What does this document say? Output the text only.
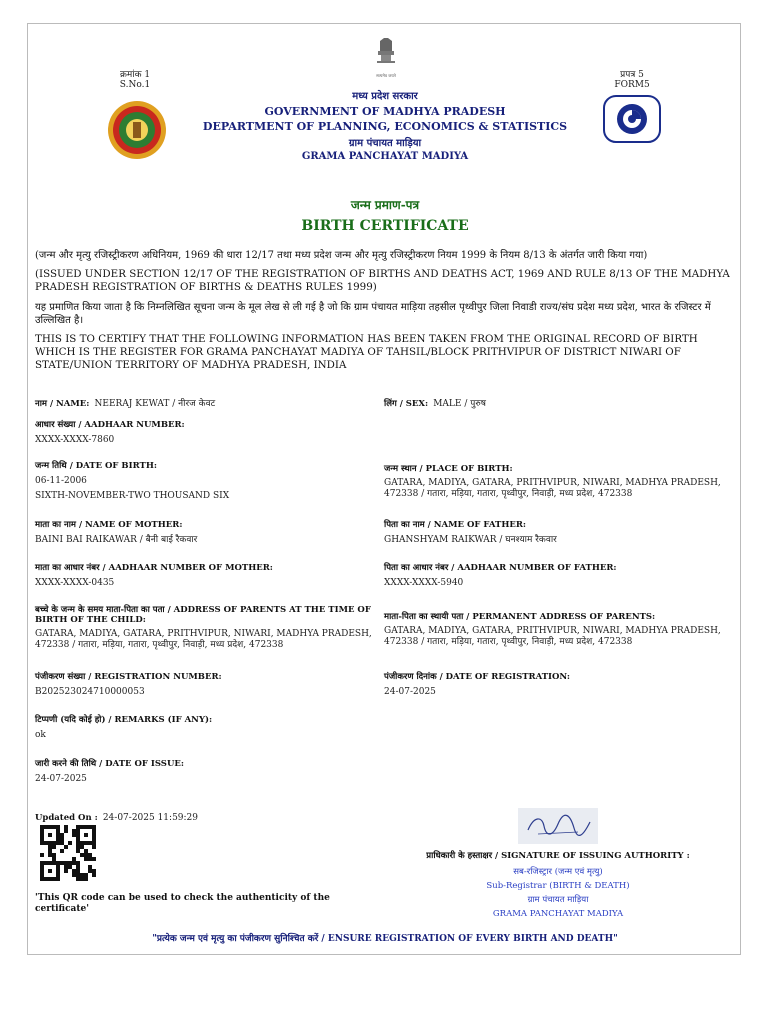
क्रमांक 1
S.No.1
सत्यमेव जयते
मध्य प्रदेश सरकार
GOVERNMENT OF MADHYA PRADESH
DEPARTMENT OF PLANNING, ECONOMICS & STATISTICS
ग्राम पंचायत माड़िया
GRAMA PANCHAYAT MADIYA
प्रपत्र 5
FORM5
जन्म प्रमाण-पत्र
BIRTH CERTIFICATE
(जन्म और मृत्यु रजिस्ट्रीकरण अधिनियम, 1969 की धारा 12/17 तथा मध्य प्रदेश जन्म और मृत्यु रजिस्ट्रीकरण नियम 1999 के नियम 8/13 के अंतर्गत जारी किया गया)
(ISSUED UNDER SECTION 12/17 OF THE REGISTRATION OF BIRTHS AND DEATHS ACT, 1969 AND RULE 8/13 OF THE MADHYA PRADESH REGISTRATION OF BIRTHS & DEATHS RULES 1999)
यह प्रमाणित किया जाता है कि निम्नलिखित सूचना जन्म के मूल लेख से ली गई है जो कि ग्राम पंचायत माड़िया तहसील पृथ्वीपुर जिला निवाडी राज्य/संघ प्रदेश मध्य प्रदेश, भारत के रजिस्टर में उल्लिखित है।
THIS IS TO CERTIFY THAT THE FOLLOWING INFORMATION HAS BEEN TAKEN FROM THE ORIGINAL RECORD OF BIRTH WHICH IS THE REGISTER FOR GRAMA PANCHAYAT MADIYA OF TAHSIL/BLOCK PRITHVIPUR OF DISTRICT NIWARI OF STATE/UNION TERRITORY OF MADHYA PRADESH, INDIA
नाम / NAME: NEERAJ KEWAT / नीरज केवट	लिंग / SEX: MALE / पुरुष
आधार संख्या / AADHAAR NUMBER:
XXXX-XXXX-7860
जन्म तिथि / DATE OF BIRTH:
06-11-2006
SIXTH-NOVEMBER-TWO THOUSAND SIX
जन्म स्थान / PLACE OF BIRTH:
GATARA, MADIYA, GATARA, PRITHVIPUR, NIWARI, MADHYA PRADESH, 472338 / गतारा, मड़िया, गतारा, पृथ्वीपुर, निवाड़ी, मध्य प्रदेश, 472338
माता का नाम / NAME OF MOTHER:
BAINI BAI RAIKAWAR / बैनी बाई रैकवार
पिता का नाम / NAME OF FATHER:
GHANSHYAM RAIKWAR / घनश्याम रैकवार
माता का आधार नंबर / AADHAAR NUMBER OF MOTHER:
XXXX-XXXX-0435
पिता का आधार नंबर / AADHAAR NUMBER OF FATHER:
XXXX-XXXX-5940
बच्चे के जन्म के समय माता-पिता का पता / ADDRESS OF PARENTS AT THE TIME OF BIRTH OF THE CHILD:
GATARA, MADIYA, GATARA, PRITHVIPUR, NIWARI, MADHYA PRADESH, 472338 / गतारा, मड़िया, गतारा, पृथ्वीपुर, निवाड़ी, मध्य प्रदेश, 472338
माता-पिता का स्थायी पता / PERMANENT ADDRESS OF PARENTS:
GATARA, MADIYA, GATARA, PRITHVIPUR, NIWARI, MADHYA PRADESH, 472338 / गतारा, मड़िया, गतारा, पृथ्वीपुर, निवाड़ी, मध्य प्रदेश, 472338
पंजीकरण संख्या / REGISTRATION NUMBER:
B202523024710000053
पंजीकरण दिनांक / DATE OF REGISTRATION:
24-07-2025
टिप्पणी (यदि कोई हो) / REMARKS (IF ANY):
ok
जारी करने की तिथि / DATE OF ISSUE:
24-07-2025
Updated On : 24-07-2025 11:59:29
'This QR code can be used to check the authenticity of the certificate'
प्राधिकारी के हस्ताक्षर / SIGNATURE OF ISSUING AUTHORITY :
सब-रजिस्ट्रार (जन्म एवं मृत्यु)
Sub-Registrar (BIRTH & DEATH)
ग्राम पंचायत माड़िया
GRAMA PANCHAYAT MADIYA
"प्रत्येक जन्म एवं मृत्यु का पंजीकरण सुनिश्चित करें / ENSURE REGISTRATION OF EVERY BIRTH AND DEATH"
